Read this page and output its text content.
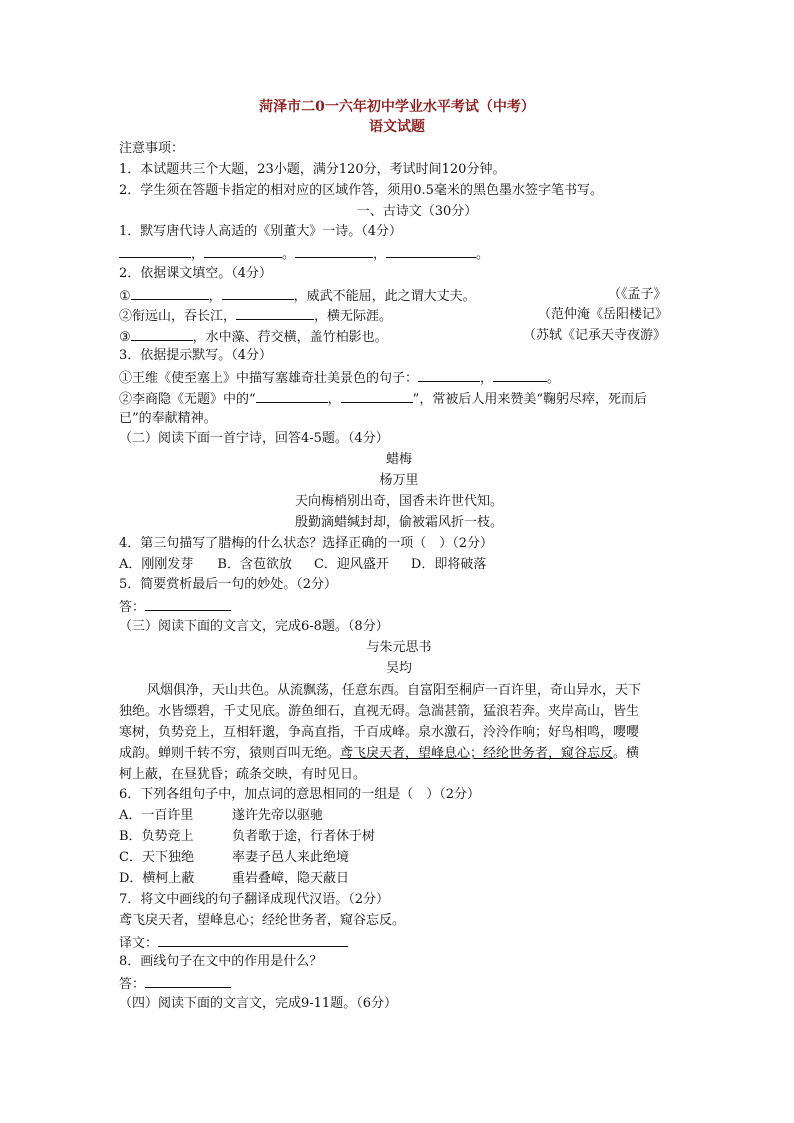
菏泽市二0一六年初中学业水平考试（中考）
语文试题
注意事项：
1．本试题共三个大题，23小题，满分120分，考试时间120分钟。
2．学生须在答题卡指定的相对应的区域作答，须用0.5毫米的黑色墨水签字笔书写。
一、古诗文（30分）
1．默写唐代诗人高适的《别董大》一诗。（4分）
，	。	，	。
2．依据课文填空。（4分）
①	，	，威武不能屈，此之谓大丈夫。	（《孟子》
②衔远山，吞长江，	，横无际涯。	（范仲淹《岳阳楼记》
③	，水中藻、荇交横，盖竹柏影也。	（苏轼《记承天寺夜游》
3．依据提示默写。（4分）
①王维《使至塞上》中描写塞雄奇壮美景色的句子：	，	。
②李商隐《无题》中的“	，	”，常被后人用来赞美“鞠躬尽瘁，死而后
已”的奉献精神。
（二）阅读下面一首宁诗，回答4-5题。（4分）
蜡梅
杨万里
天向梅梢别出奇，国香未许世代知。
殷勤滴蜡缄封却，偷被霜风折一枝。
4．第三句描写了腊梅的什么状态？选择正确的一项（　）（2分）
A．刚刚发芽 B．含苞欲放 C．迎风盛开 D．即将破落
5．简要赏析最后一句的妙处。（2分）
答：
（三）阅读下面的文言文，完成6-8题。（8分）
与朱元思书
吴均
风烟俱净，天山共色。从流飘荡，任意东西。自富阳至桐庐一百许里，奇山异水，天下
独绝。水皆缥碧，千丈见底。游鱼细石，直视无碍。急湍甚箭，猛浪若奔。夹岸高山，皆生
寒树，负势竞上，互相轩邈，争高直指，千百成峰。泉水激石，泠泠作响；好鸟相鸣，嘤嘤
成韵。蝉则千转不穷，猿则百叫无绝。鸢飞戾天者，望峰息心；经纶世务者，窥谷忘反。横
柯上蔽，在昼犹昏；疏条交映，有时见日。
6．下列各组句子中，加点词的意思相同的一组是（　）（2分）
A．一百许里	遂许先帝以驱驰
B．负势竞上	负者歌于途，行者休于树
C．天下独绝	率妻子邑人来此绝境
D．横柯上蔽	重岩叠嶂，隐天蔽日
7．将文中画线的句子翻译成现代汉语。（2分）
鸢飞戾天者，望峰息心；经纶世务者，窥谷忘反。
译文：
8．画线句子在文中的作用是什么？
答：
（四）阅读下面的文言文，完成9-11题。（6分）
